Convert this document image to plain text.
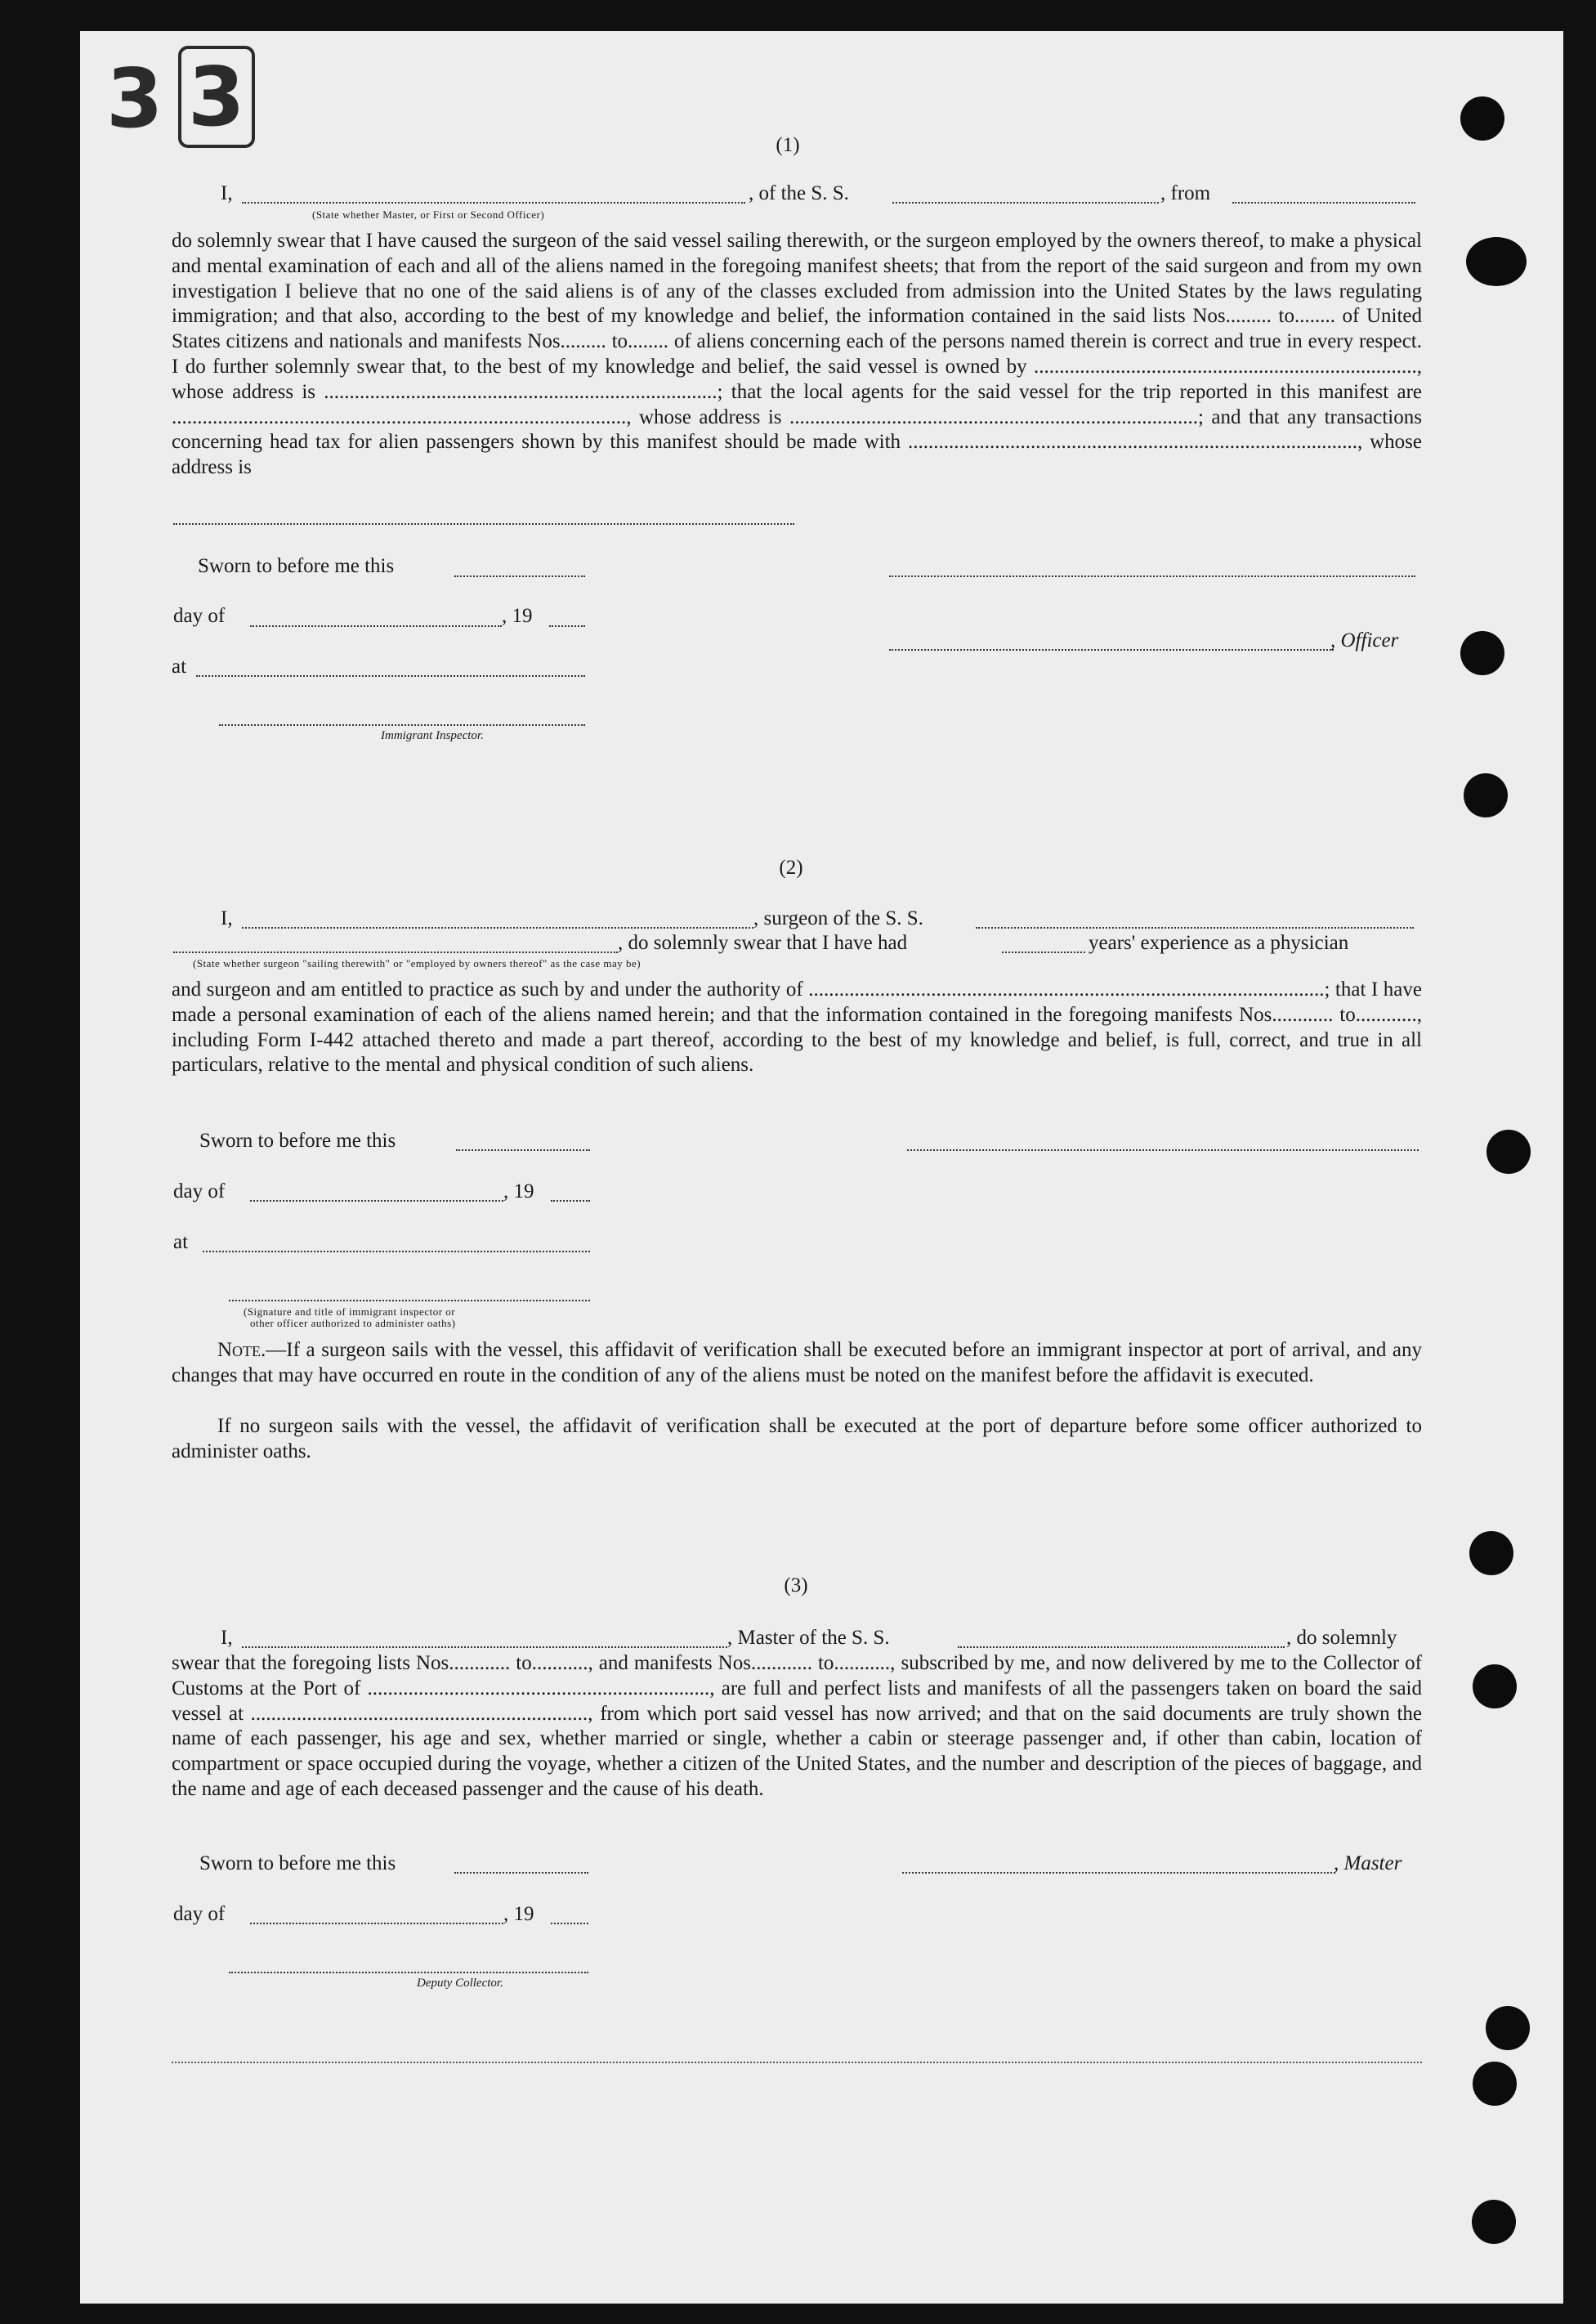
3 3
(1)
I,	, of the S. S.	, from
(State whether Master, or First or Second Officer)
do solemnly swear that I have caused the surgeon of the said vessel sailing therewith, or the surgeon employed by the owners thereof, to make a physical and mental examination of each and all of the aliens named in the foregoing manifest sheets; that from the report of the said surgeon and from my own investigation I believe that no one of the said aliens is of any of the classes excluded from admission into the United States by the laws regulating immigration; and that also, according to the best of my knowledge and belief, the information contained in the said lists Nos......... to........ of United States citizens and nationals and manifests Nos......... to........ of aliens concerning each of the persons named therein is correct and true in every respect. I do further solemnly swear that, to the best of my knowledge and belief, the said vessel is owned by ..........................................................................., whose address is .............................................................................; that the local agents for the said vessel for the trip reported in this manifest are ........................................................................................., whose address is ................................................................................; and that any transactions concerning head tax for alien passengers shown by this manifest should be made with ........................................................................................, whose address is
Sworn to before me this
day of	, 19
, Officer
at
Immigrant Inspector.
(2)
I,	, surgeon of the S. S.
, do solemnly swear that I have had	years' experience as a physician
(State whether surgeon "sailing therewith" or "employed by owners thereof" as the case may be)
and surgeon and am entitled to practice as such by and under the authority of .....................................................................................................; that I have made a personal examination of each of the aliens named herein; and that the information contained in the foregoing manifests Nos............ to............, including Form I-442 attached thereto and made a part thereof, according to the best of my knowledge and belief, is full, correct, and true in all particulars, relative to the mental and physical condition of such aliens.
Sworn to before me this
day of	, 19
at
(Signature and title of immigrant inspector or
other officer authorized to administer oaths)
Note.—If a surgeon sails with the vessel, this affidavit of verification shall be executed before an immigrant inspector at port of arrival, and any changes that may have occurred en route in the condition of any of the aliens must be noted on the manifest before the affidavit is executed.
If no surgeon sails with the vessel, the affidavit of verification shall be executed at the port of departure before some officer authorized to administer oaths.
(3)
I,	, Master of the S. S.	, do solemnly
swear that the foregoing lists Nos............ to..........., and manifests Nos............ to..........., subscribed by me, and now delivered by me to the Collector of Customs at the Port of ..................................................................., are full and perfect lists and manifests of all the passengers taken on board the said vessel at .................................................................., from which port said vessel has now arrived; and that on the said documents are truly shown the name of each passenger, his age and sex, whether married or single, whether a cabin or steerage passenger and, if other than cabin, location of compartment or space occupied during the voyage, whether a citizen of the United States, and the number and description of the pieces of baggage, and the name and age of each deceased passenger and the cause of his death.
Sworn to before me this	, Master
day of	, 19
Deputy Collector.
